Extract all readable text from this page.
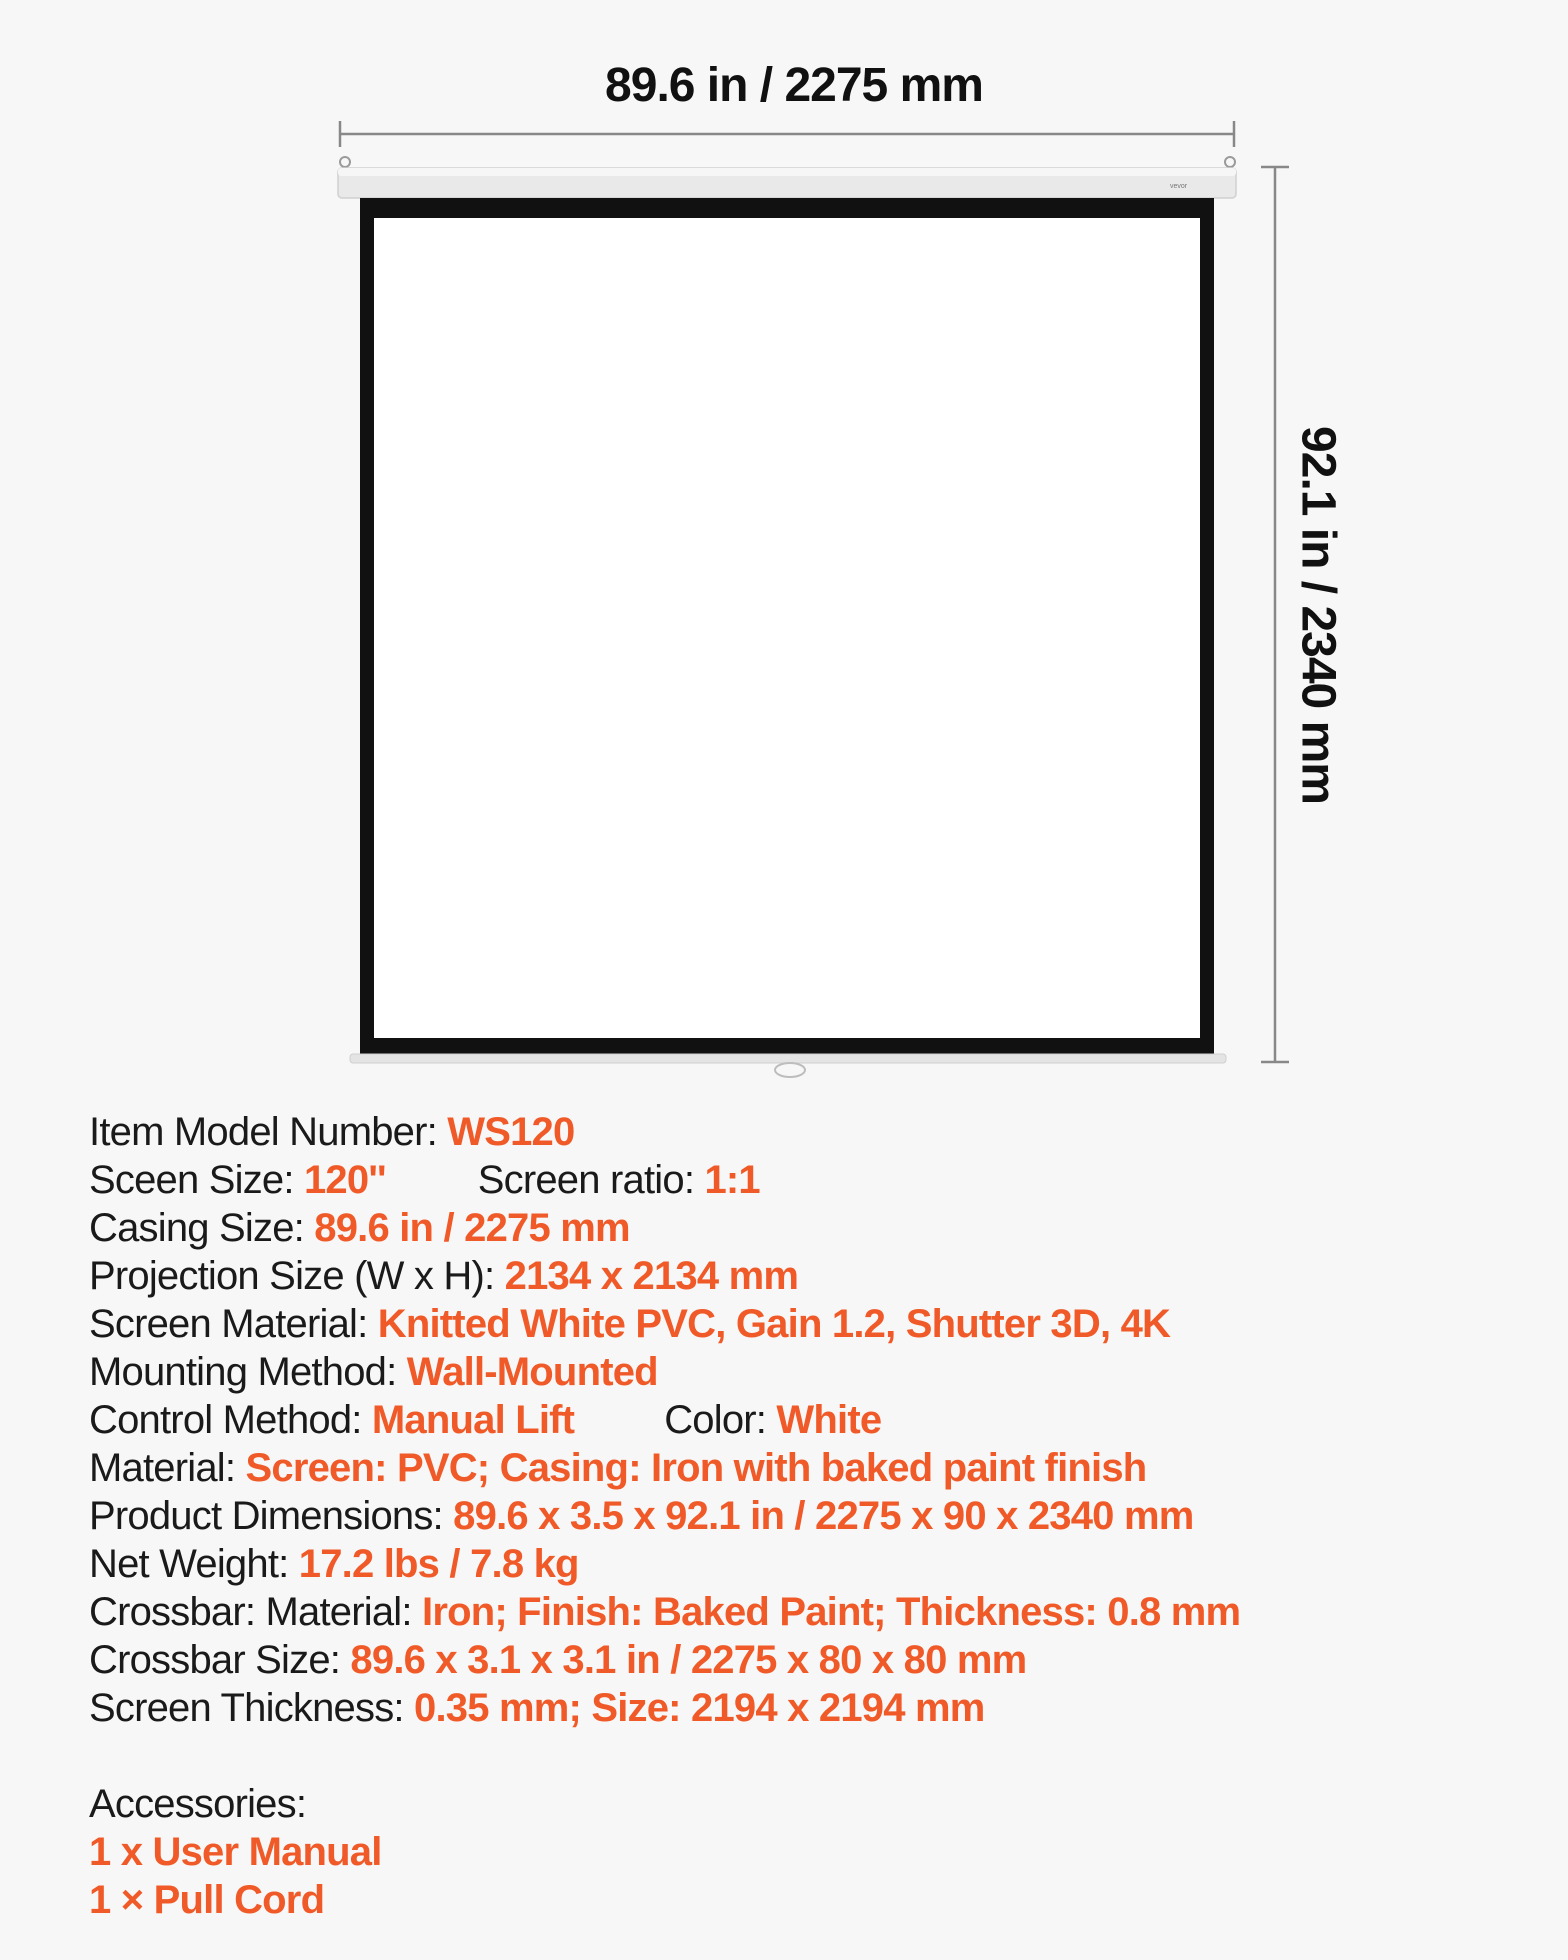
vevor
89.6 in / 2275 mm
92.1 in / 2340 mm
Item Model Number: WS120
Sceen Size: 120'' Screen ratio: 1:1
Casing Size: 89.6 in / 2275 mm
Projection Size (W x H): 2134 x 2134 mm
Screen Material: Knitted White PVC, Gain 1.2, Shutter 3D, 4K
Mounting Method: Wall-Mounted
Control Method: Manual Lift Color: White
Material: Screen: PVC; Casing: Iron with baked paint finish
Product Dimensions: 89.6 x 3.5 x 92.1 in / 2275 x 90 x 2340 mm
Net Weight: 17.2 lbs / 7.8 kg
Crossbar: Material: Iron; Finish: Baked Paint; Thickness: 0.8 mm
Crossbar Size: 89.6 x 3.1 x 3.1 in / 2275 x 80 x 80 mm
Screen Thickness: 0.35 mm; Size: 2194 x 2194 mm
Accessories:
1 x User Manual
1 × Pull Cord
